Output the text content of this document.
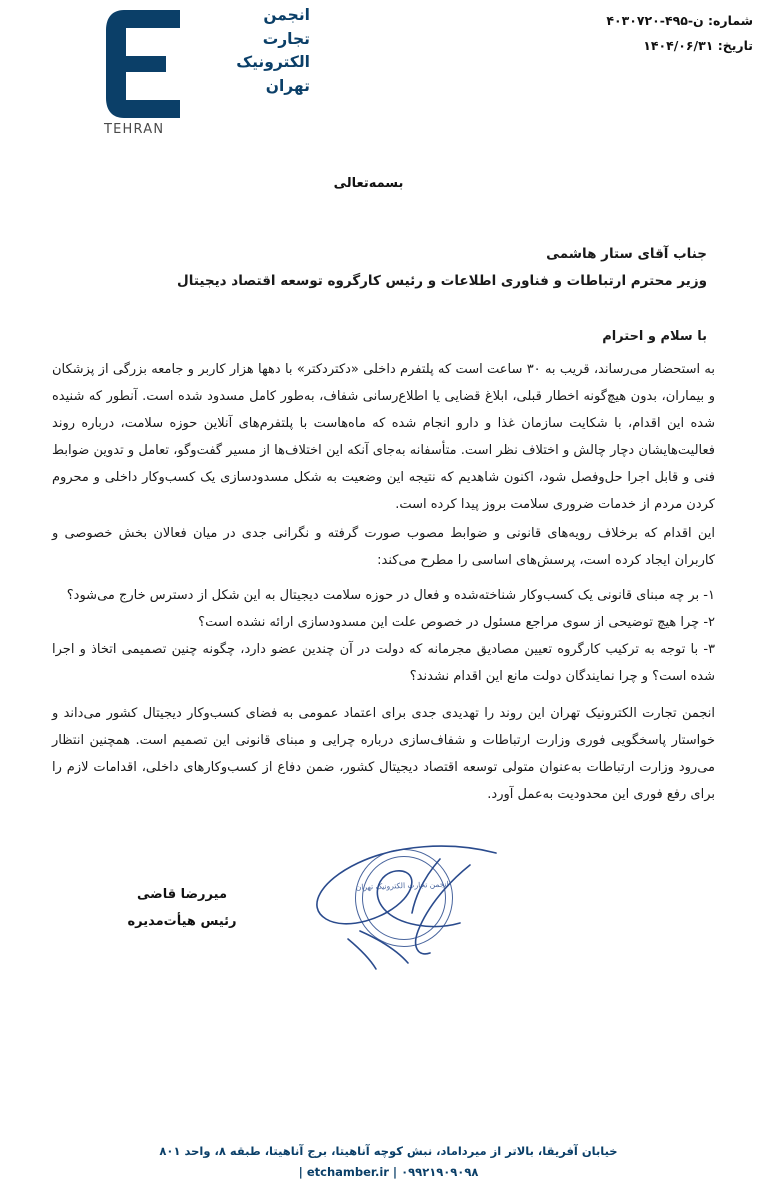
شماره: ن-۴۹۵-۴۰۳۰۷۲۰
تاریخ: ۱۴۰۴/۰۶/۳۱
انجمن
تجارت
الکترونیک
تهران
TEHRAN
بسمه‌تعالی
جناب آقای ستار هاشمی
وزیر محترم ارتباطات و فناوری اطلاعات و رئیس کارگروه توسعه اقتصاد دیجیتال
با سلام و احترام

به استحضار می‌رساند، قریب به ۳۰ ساعت است که پلتفرم داخلی «دکتردکتر» با دهها هزار کاربر و جامعه بزرگی از پزشکان و بیماران، بدون هیچ‌گونه اخطار قبلی، ابلاغ قضایی یا اطلاع‌رسانی شفاف، به‌طور کامل مسدود شده است. آنطور که شنیده شده این اقدام، با شکایت سازمان غذا و دارو انجام شده که ماه‌هاست با پلتفرم‌های آنلاین حوزه سلامت، درباره روند فعالیت‌هایشان دچار چالش و اختلاف نظر است. متأسفانه به‌جای آنکه این اختلاف‌ها از مسیر گفت‌وگو، تعامل و تدوین ضوابط فنی و قابل اجرا حل‌وفصل شود، اکنون شاهدیم که نتیجه این وضعیت به شکل مسدودسازی یک کسب‌وکار داخلی و محروم کردن مردم از خدمات ضروری سلامت بروز پیدا کرده است.

این اقدام که برخلاف رویه‌های قانونی و ضوابط مصوب صورت گرفته و نگرانی جدی در میان فعالان بخش خصوصی و کاربران ایجاد کرده است، پرسش‌های اساسی را مطرح می‌کند:

۱- بر چه مبنای قانونی یک کسب‌وکار شناخته‌شده و فعال در حوزه سلامت دیجیتال به این شکل از دسترس خارج می‌شود؟

۲- چرا هیچ توضیحی از سوی مراجع مسئول در خصوص علت این مسدودسازی ارائه نشده است؟

۳- با توجه به ترکیب کارگروه تعیین مصادیق مجرمانه که دولت در آن چندین عضو دارد، چگونه چنین تصمیمی اتخاذ و اجرا شده است؟ و چرا نمایندگان دولت مانع این اقدام نشدند؟

انجمن تجارت الکترونیک تهران این روند را تهدیدی جدی برای اعتماد عمومی به فضای کسب‌وکار دیجیتال کشور می‌داند و خواستار پاسخگویی فوری وزارت ارتباطات و شفاف‌سازی درباره چرایی و مبنای قانونی این تصمیم است. همچنین انتظار می‌رود وزارت ارتباطات به‌عنوان متولی توسعه اقتصاد دیجیتال کشور، ضمن دفاع از کسب‌وکارهای داخلی، اقدامات لازم را برای رفع فوری این محدودیت به‌عمل آورد.
انجمن تجارت الکترونیک تهران
میررضا قاضی
رئیس هیأت‌مدیره
خیابان آفریقا، بالاتر از میرداماد، نبش کوچه آناهیتا، برج آناهیتا، طبقه ۸، واحد ۸۰۱
| etchamber.ir | ۰۹۹۲۱۹۰۹۰۹۸
